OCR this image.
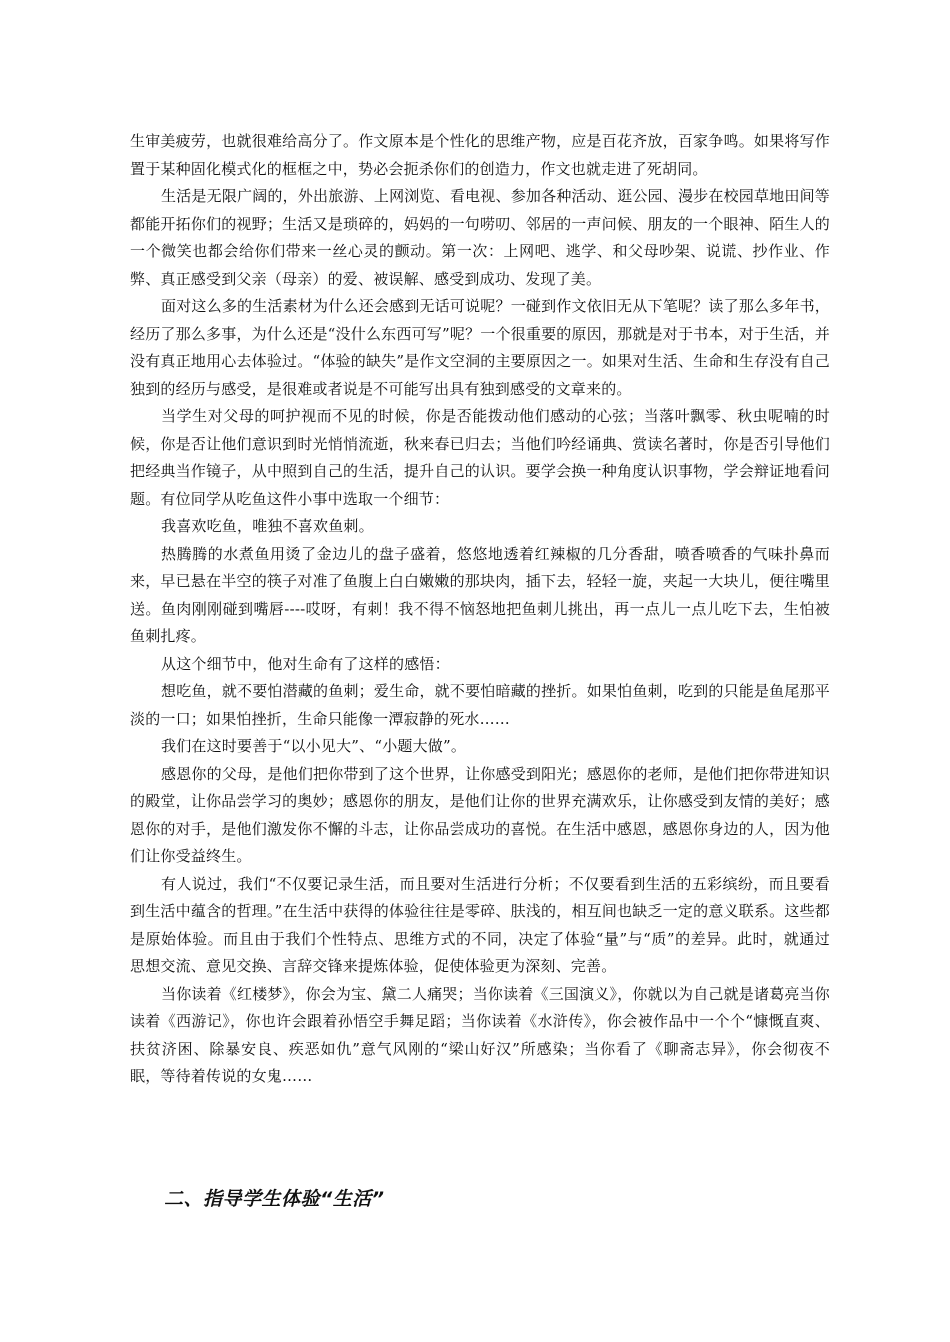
生审美疲劳，也就很难给高分了。作文原本是个性化的思维产物，应是百花齐放，百家争鸣。如果将写作置于某种固化模式化的框框之中，势必会扼杀你们的创造力，作文也就走进了死胡同。

生活是无限广阔的，外出旅游、上网浏览、看电视、参加各种活动、逛公园、漫步在校园草地田间等都能开拓你们的视野；生活又是琐碎的，妈妈的一句唠叨、邻居的一声问候、朋友的一个眼神、陌生人的一个微笑也都会给你们带来一丝心灵的颤动。第一次：上网吧、逃学、和父母吵架、说谎、抄作业、作弊、真正感受到父亲（母亲）的爱、被误解、感受到成功、发现了美。

面对这么多的生活素材为什么还会感到无话可说呢？一碰到作文依旧无从下笔呢？读了那么多年书，经历了那么多事，为什么还是“没什么东西可写”呢？一个很重要的原因，那就是对于书本，对于生活，并没有真正地用心去体验过。“体验的缺失”是作文空洞的主要原因之一。如果对生活、生命和生存没有自己独到的经历与感受，是很难或者说是不可能写出具有独到感受的文章来的。

当学生对父母的呵护视而不见的时候，你是否能拨动他们感动的心弦；当落叶飘零、秋虫呢喃的时候，你是否让他们意识到时光悄悄流逝，秋来春已归去；当他们吟经诵典、赏读名著时，你是否引导他们把经典当作镜子，从中照到自己的生活，提升自己的认识。要学会换一种角度认识事物，学会辩证地看问题。有位同学从吃鱼这件小事中选取一个细节：

我喜欢吃鱼，唯独不喜欢鱼刺。

热腾腾的水煮鱼用烫了金边儿的盘子盛着，悠悠地透着红辣椒的几分香甜，喷香喷香的气味扑鼻而来，早已悬在半空的筷子对准了鱼腹上白白嫩嫩的那块肉，插下去，轻轻一旋，夹起一大块儿，便往嘴里送。鱼肉刚刚碰到嘴唇----哎呀，有刺！我不得不恼怒地把鱼刺儿挑出，再一点儿一点儿吃下去，生怕被鱼刺扎疼。

从这个细节中，他对生命有了这样的感悟：

想吃鱼，就不要怕潜藏的鱼刺；爱生命，就不要怕暗藏的挫折。如果怕鱼刺，吃到的只能是鱼尾那平淡的一口；如果怕挫折，生命只能像一潭寂静的死水……

我们在这时要善于“以小见大”、“小题大做”。

感恩你的父母，是他们把你带到了这个世界，让你感受到阳光；感恩你的老师，是他们把你带进知识的殿堂，让你品尝学习的奥妙；感恩你的朋友，是他们让你的世界充满欢乐，让你感受到友情的美好；感恩你的对手，是他们激发你不懈的斗志，让你品尝成功的喜悦。在生活中感恩，感恩你身边的人，因为他们让你受益终生。

有人说过，我们“不仅要记录生活，而且要对生活进行分析；不仅要看到生活的五彩缤纷，而且要看到生活中蕴含的哲理。”在生活中获得的体验往往是零碎、肤浅的，相互间也缺乏一定的意义联系。这些都是原始体验。而且由于我们个性特点、思维方式的不同，决定了体验“量”与“质”的差异。此时，就通过思想交流、意见交换、言辞交锋来提炼体验，促使体验更为深刻、完善。

当你读着《红楼梦》，你会为宝、黛二人痛哭；当你读着《三国演义》，你就以为自己就是诸葛亮当你读着《西游记》，你也许会跟着孙悟空手舞足蹈；当你读着《水浒传》，你会被作品中一个个“慷慨直爽、扶贫济困、除暴安良、疾恶如仇”意气风刚的“梁山好汉”所感染；当你看了《聊斋志异》，你会彻夜不眠，等待着传说的女鬼……

二、指导学生体验“生活”
